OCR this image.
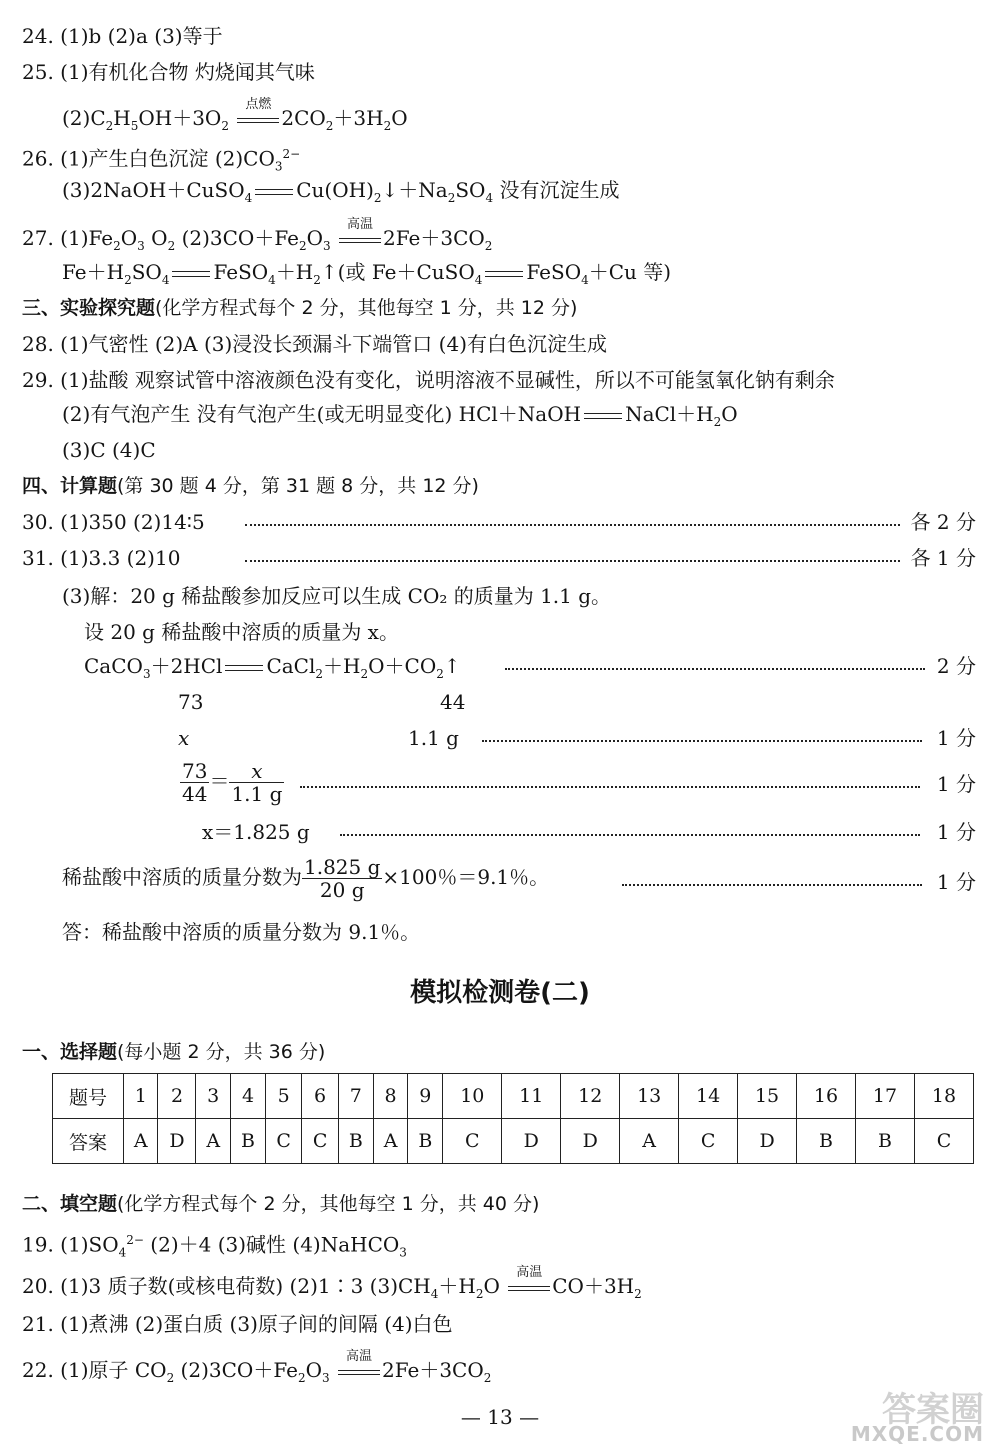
24. (1)b (2)a (3)等于
25. (1)有机化合物 灼烧闻其气味
$(2)C_2H_5OH+3O_2$
点燃
$2CO_2+3H_2O$
26. (1)产生白色沉淀 $(2)CO_3^{2-}$
(3)2NaOH＋CuSO$_4$ $Cu(OH)_2↓+Na_2SO_4$ 没有沉淀生成
27. $(1)Fe_2O_3$ $O_2$ $(2)3CO+Fe_2O_3$
高温
$2Fe+3CO_2$
$Fe+H_2SO_4$ $FeSO_4+H_2↑$(或 Fe＋CuSO$_4$ FeSO$_4$＋Cu 等)
三、实验探究题(化学方程式每个 2 分，其他每空 1 分，共 12 分)
28. (1)气密性 (2)A (3)浸没长颈漏斗下端管口 (4)有白色沉淀生成
29. (1)盐酸 观察试管中溶液颜色没有变化，说明溶液不显碱性，所以不可能氢氧化钠有剩余
(2)有气泡产生 没有气泡产生(或无明显变化) HCl＋NaOH $NaCl+H_2O$
(3)C (4)C
四、计算题(第 30 题 4 分，第 31 题 8 分，共 12 分)
30. (1)350 (2)14∶5	各 2 分
31. (1)3.3 (2)10	各 1 分
(3)解：20 g 稀盐酸参加反应可以生成 CO₂ 的质量为 1.1 g。
设 20 g 稀盐酸中溶质的质量为 x。
CaCO$_3$＋2HCl $CaCl_2+H_2O+CO_2↑$	2 分
73	44
x	1.1 g	1 分
$\frac{73}{44} = \frac{x}{1.1 g}$	1 分
x＝1.825 g	1 分
稀盐酸中溶质的质量分数为 $\frac{1.825 g}{20 g} \times 100$％＝9.1％。	1 分
答：稀盐酸中溶质的质量分数为 9.1％。
模拟检测卷(二)
一、选择题(每小题 2 分，共 36 分)
题号	1	2	3	4	5	6	7	8	9	10	11	12	13	14	15	16	17	18
答案	A	D	A	B	C	C	B	A	B	C	D	D	A	C	D	B	B	C
二、填空题(化学方程式每个 2 分，其他每空 1 分，共 40 分)
19. $(1)SO_4^{2-}$ (2)＋4 (3)碱性 (4)NaHCO$_3$
20. (1)3 质子数(或核电荷数) (2)1∶3 $(3)CH_4+H_2O$
高温
$CO+3H_2$
21. (1)煮沸 (2)蛋白质 (3)原子间的间隔 (4)白色
22. (1)原子 $CO_2$ $(2)3CO+Fe_2O_3$
高温
$2Fe+3CO_2$
— 13 —	答案圈
MXQE.COM
